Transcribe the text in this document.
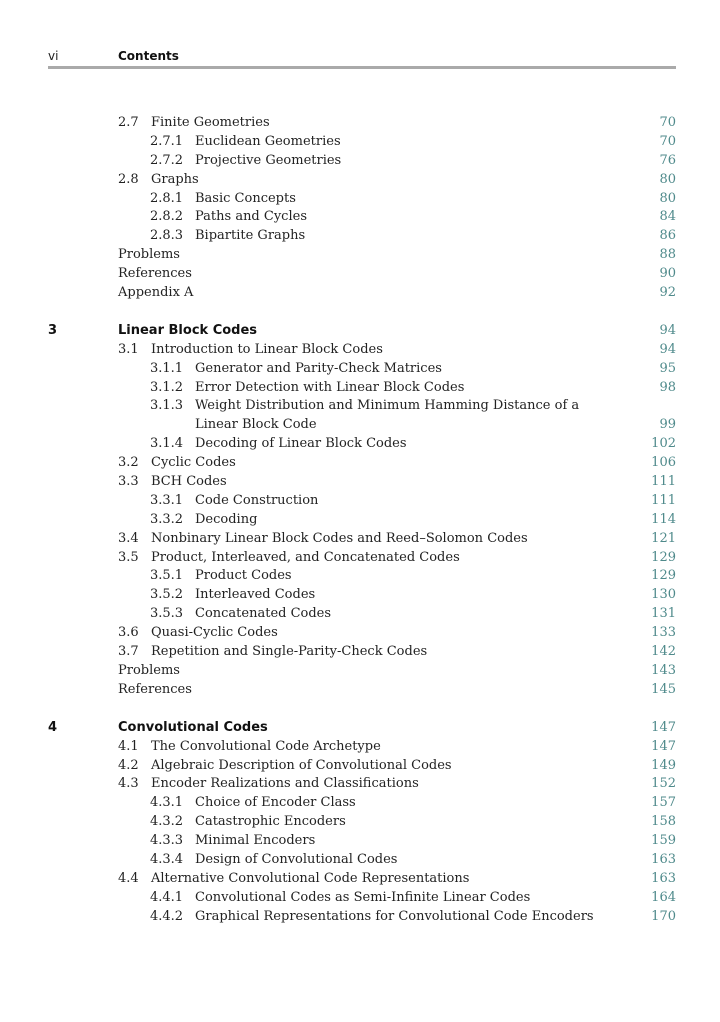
vi	Contents
2.7 Finite Geometries	70
2.7.1 Euclidean Geometries	70
2.7.2 Projective Geometries	76
2.8 Graphs	80
2.8.1 Basic Concepts	80
2.8.2 Paths and Cycles	84
2.8.3 Bipartite Graphs	86
Problems	88
References	90
Appendix A	92
3	Linear Block Codes	94
3.1 Introduction to Linear Block Codes	94
3.1.1 Generator and Parity-Check Matrices	95
3.1.2 Error Detection with Linear Block Codes	98
3.1.3 Weight Distribution and Minimum Hamming Distance of a
Linear Block Code	99
3.1.4 Decoding of Linear Block Codes	102
3.2 Cyclic Codes	106
3.3 BCH Codes	111
3.3.1 Code Construction	111
3.3.2 Decoding	114
3.4 Nonbinary Linear Block Codes and Reed–Solomon Codes	121
3.5 Product, Interleaved, and Concatenated Codes	129
3.5.1 Product Codes	129
3.5.2 Interleaved Codes	130
3.5.3 Concatenated Codes	131
3.6 Quasi-Cyclic Codes	133
3.7 Repetition and Single-Parity-Check Codes	142
Problems	143
References	145
4	Convolutional Codes	147
4.1 The Convolutional Code Archetype	147
4.2 Algebraic Description of Convolutional Codes	149
4.3 Encoder Realizations and Classifications	152
4.3.1 Choice of Encoder Class	157
4.3.2 Catastrophic Encoders	158
4.3.3 Minimal Encoders	159
4.3.4 Design of Convolutional Codes	163
4.4 Alternative Convolutional Code Representations	163
4.4.1 Convolutional Codes as Semi-Infinite Linear Codes	164
4.4.2 Graphical Representations for Convolutional Code Encoders	170
